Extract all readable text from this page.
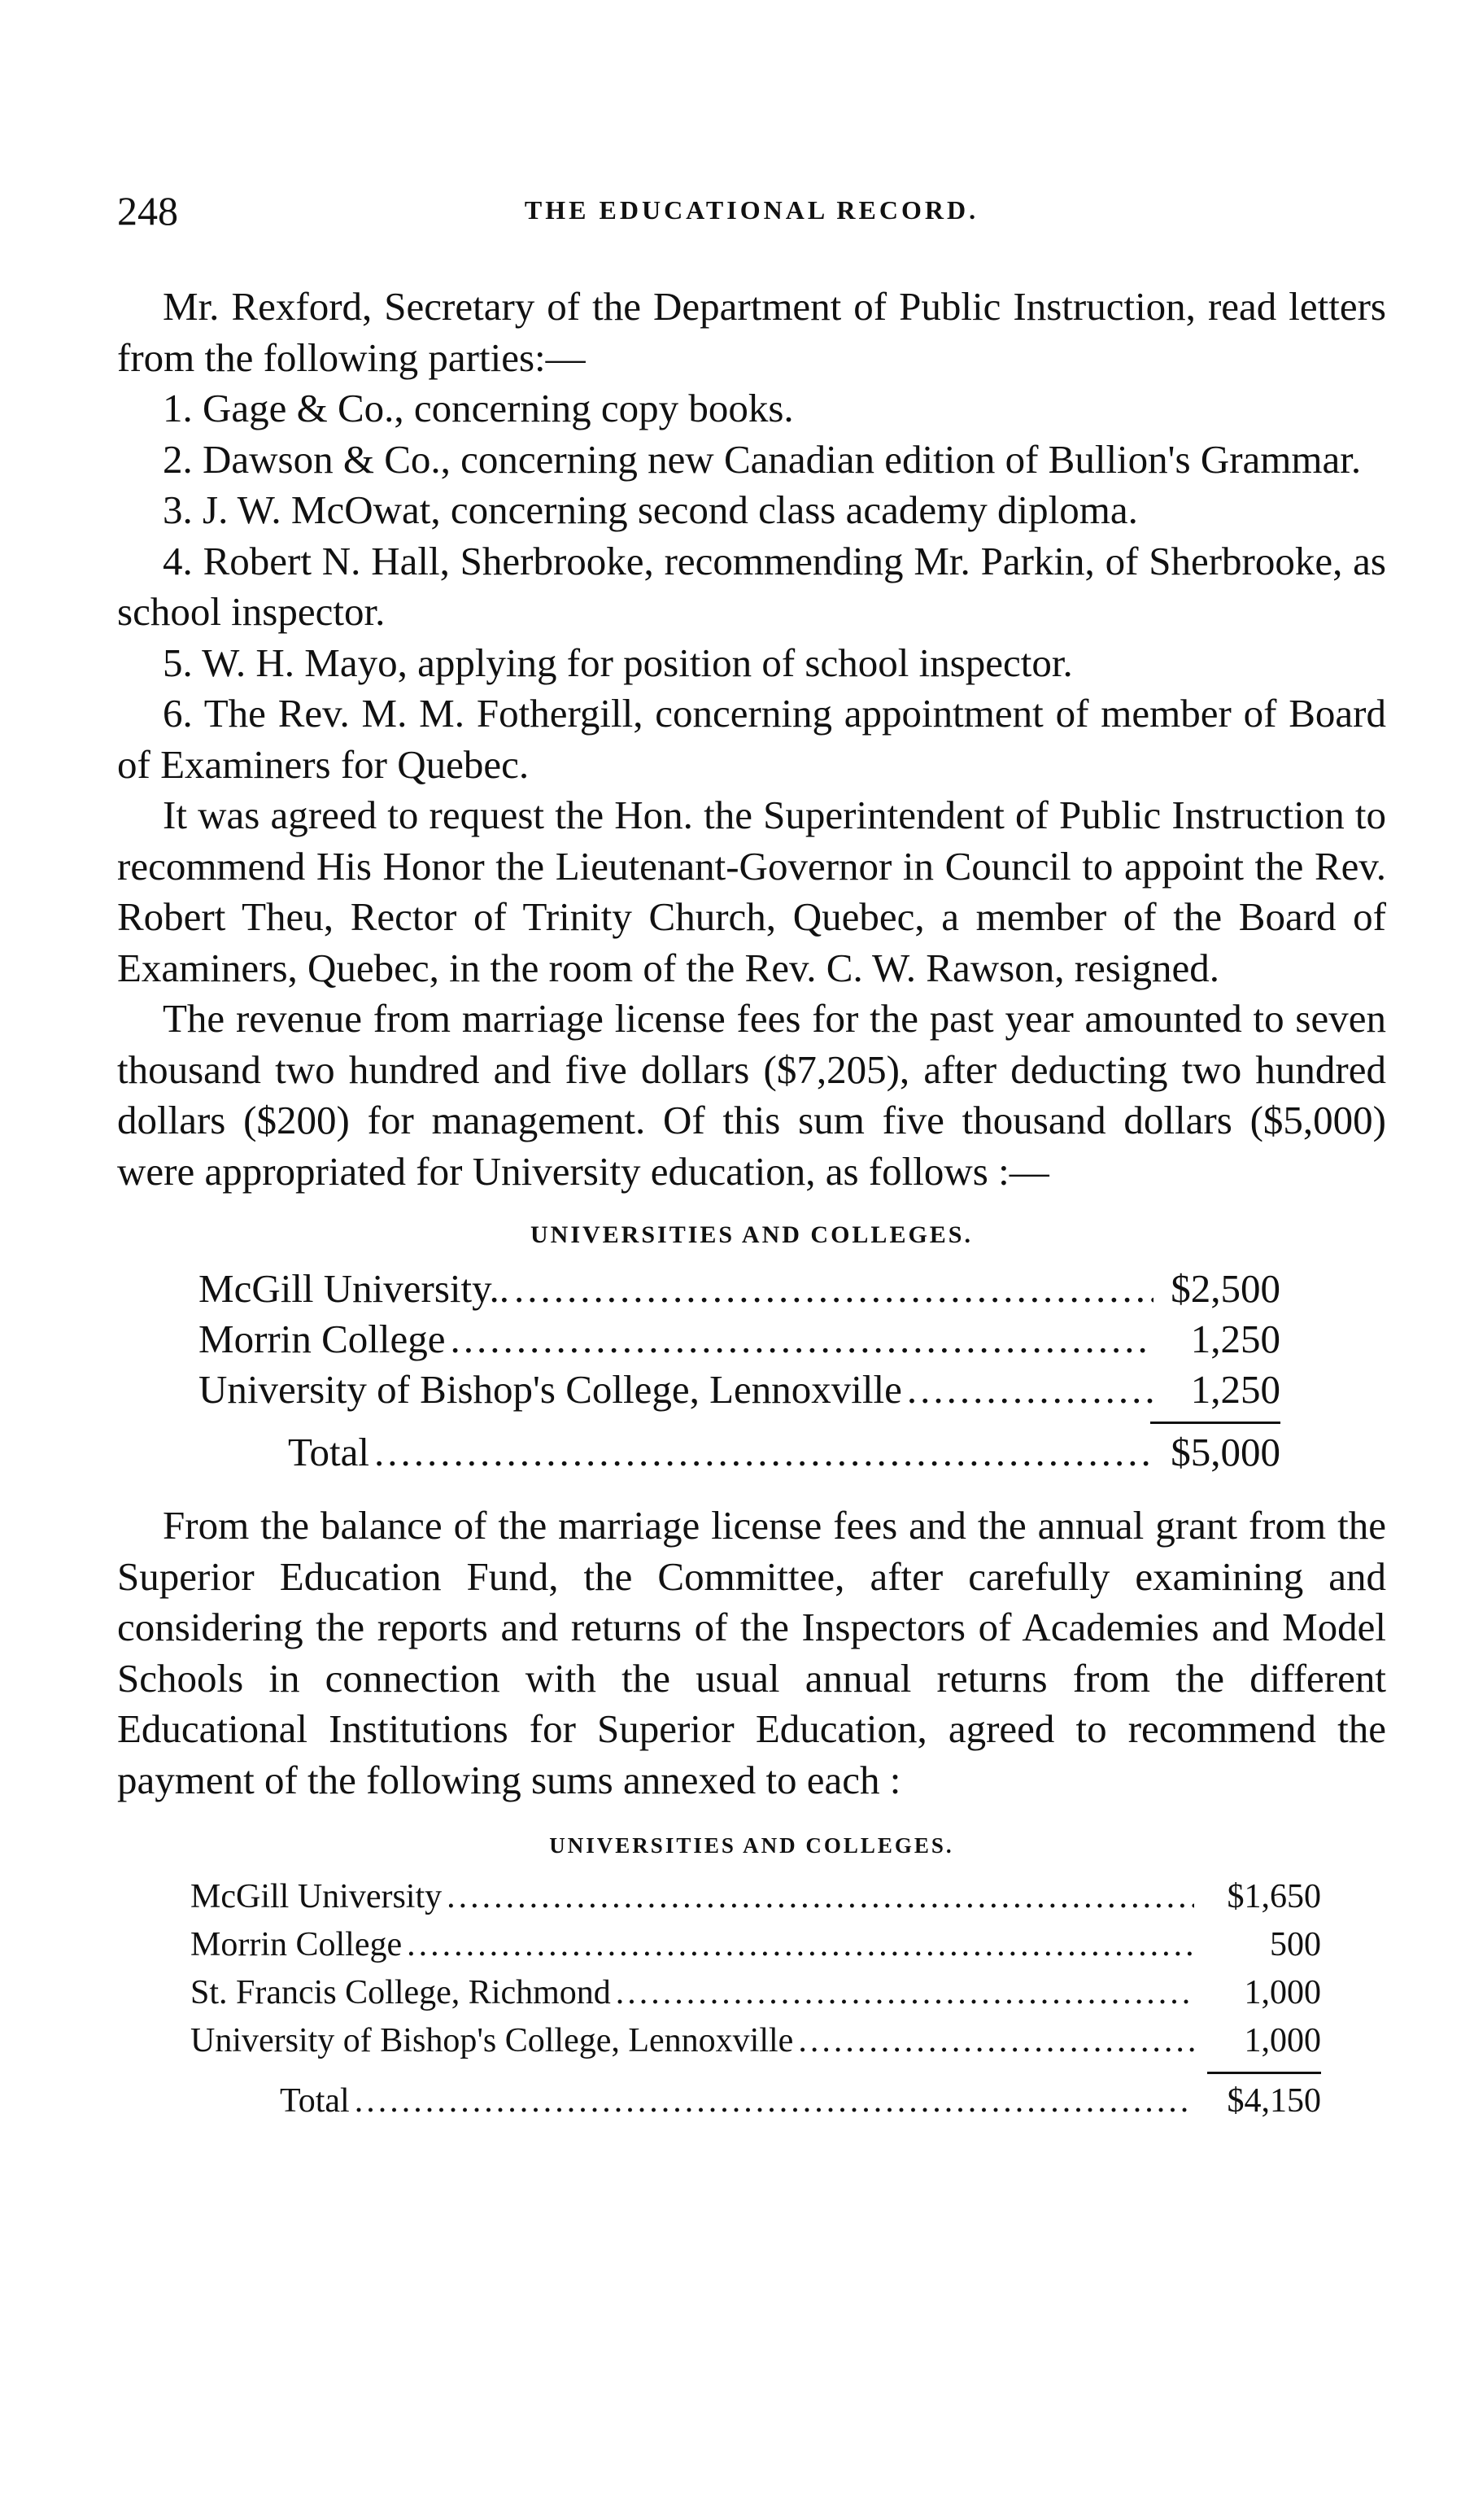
248	THE EDUCATIONAL RECORD.

Mr. Rexford, Secretary of the Department of Public Instruction, read letters from the following parties:—

1. Gage & Co., concerning copy books.

2. Dawson & Co., concerning new Canadian edition of Bullion's Grammar.

3. J. W. McOwat, concerning second class academy diploma.

4. Robert N. Hall, Sherbrooke, recommending Mr. Parkin, of Sherbrooke, as school inspector.

5. W. H. Mayo, applying for position of school inspector.

6. The Rev. M. M. Fothergill, concerning appointment of member of Board of Examiners for Quebec.

It was agreed to request the Hon. the Superintendent of Public Instruction to recommend His Honor the Lieutenant-Governor in Council to appoint the Rev. Robert Theu, Rector of Trinity Church, Quebec, a member of the Board of Examiners, Quebec, in the room of the Rev. C. W. Rawson, resigned.

The revenue from marriage license fees for the past year amounted to seven thousand two hundred and five dollars ($7,205), after deducting two hundred dollars ($200) for management. Of this sum five thousand dollars ($5,000) were appropriated for University education, as follows :—

UNIVERSITIES AND COLLEGES.
McGill University.. .....	$2,500
Morrin College .....	1,250
University of Bishop's College, Lennoxville .....	1,250
Total .....	$5,000

From the balance of the marriage license fees and the annual grant from the Superior Education Fund, the Committee, after carefully examining and considering the reports and returns of the Inspectors of Academies and Model Schools in connection with the usual annual returns from the different Educational Institutions for Superior Education, agreed to recommend the payment of the following sums annexed to each :

UNIVERSITIES AND COLLEGES.
McGill University .....	$1,650
Morrin College .....	500
St. Francis College, Richmond .....	1,000
University of Bishop's College, Lennoxville .....	1,000
Total .....	$4,150
